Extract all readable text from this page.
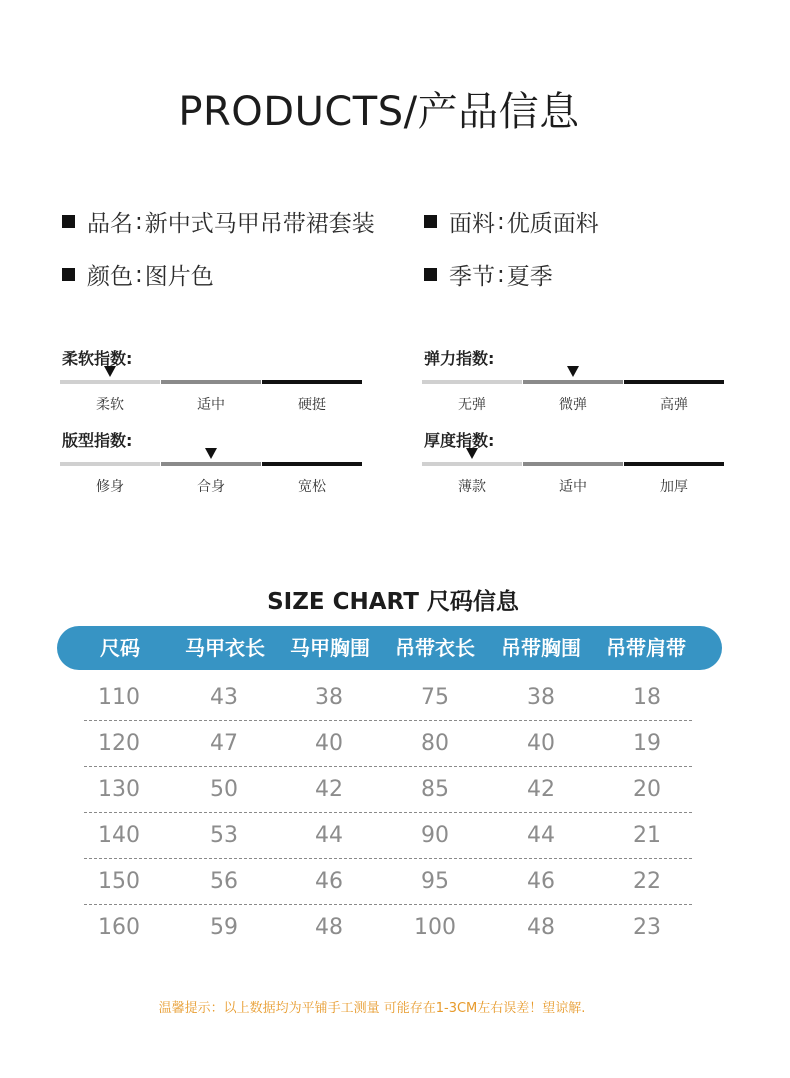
PRODUCTS/产品信息
品名 : 新中式马甲吊带裙套装	面料 : 优质面料
颜色 : 图片色	季节 : 夏季
柔软指数:
柔软	适中	硬挺
弹力指数:
无弹	微弹	高弹
版型指数:
修身	合身	宽松
厚度指数:
薄款	适中	加厚
SIZE CHART 尺码信息
尺码	马甲衣长	马甲胸围	吊带衣长	吊带胸围	吊带肩带
110	43	38	75	38	18
120	47	40	80	40	19
130	50	42	85	42	20
140	53	44	90	44	21
150	56	46	95	46	22
160	59	48	100	48	23
温馨提示：以上数据均为平铺手工测量 可能存在1-3CM左右误差！望谅解.
